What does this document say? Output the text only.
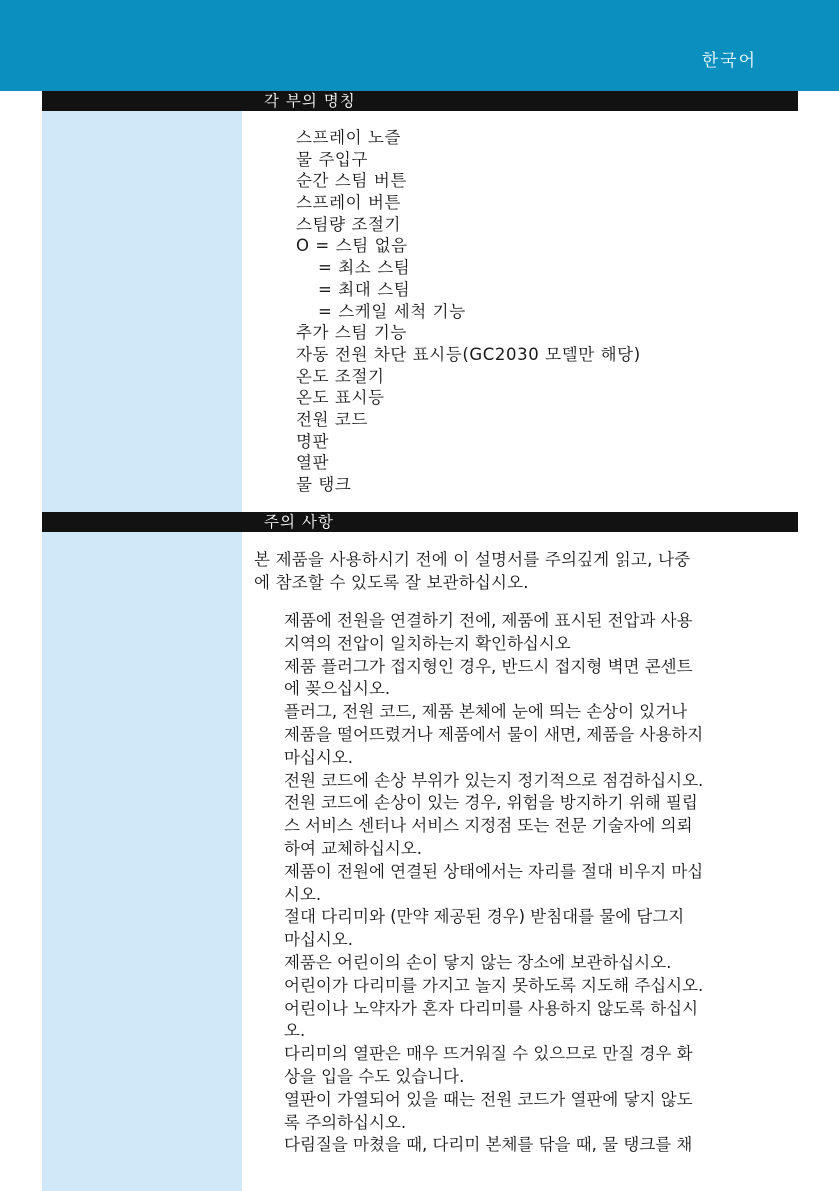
한국어
각 부의 명칭
스프레이 노즐
물 주입구
순간 스팀 버튼
스프레이 버튼
스팀량 조절기
O = 스팀 없음
= 최소 스팀
= 최대 스팀
= 스케일 세척 기능
추가 스팀 기능
자동 전원 차단 표시등(GC2030 모델만 해당)
온도 조절기
온도 표시등
전원 코드
명판
열판
물 탱크
주의 사항
본 제품을 사용하시기 전에 이 설명서를 주의깊게 읽고, 나중
에 참조할 수 있도록 잘 보관하십시오.
제품에 전원을 연결하기 전에, 제품에 표시된 전압과 사용
지역의 전압이 일치하는지 확인하십시오
제품 플러그가 접지형인 경우, 반드시 접지형 벽면 콘센트
에 꽂으십시오.
플러그, 전원 코드, 제품 본체에 눈에 띄는 손상이 있거나
제품을 떨어뜨렸거나 제품에서 물이 새면, 제품을 사용하지
마십시오.
전원 코드에 손상 부위가 있는지 정기적으로 점검하십시오.
전원 코드에 손상이 있는 경우, 위험을 방지하기 위해 필립
스 서비스 센터나 서비스 지정점 또는 전문 기술자에 의뢰
하여 교체하십시오.
제품이 전원에 연결된 상태에서는 자리를 절대 비우지 마십
시오.
절대 다리미와 (만약 제공된 경우) 받침대를 물에 담그지
마십시오.
제품은 어린이의 손이 닿지 않는 장소에 보관하십시오.
어린이가 다리미를 가지고 놀지 못하도록 지도해 주십시오.
어린이나 노약자가 혼자 다리미를 사용하지 않도록 하십시
오.
다리미의 열판은 매우 뜨거워질 수 있으므로 만질 경우 화
상을 입을 수도 있습니다.
열판이 가열되어 있을 때는 전원 코드가 열판에 닿지 않도
록 주의하십시오.
다림질을 마쳤을 때, 다리미 본체를 닦을 때, 물 탱크를 채
